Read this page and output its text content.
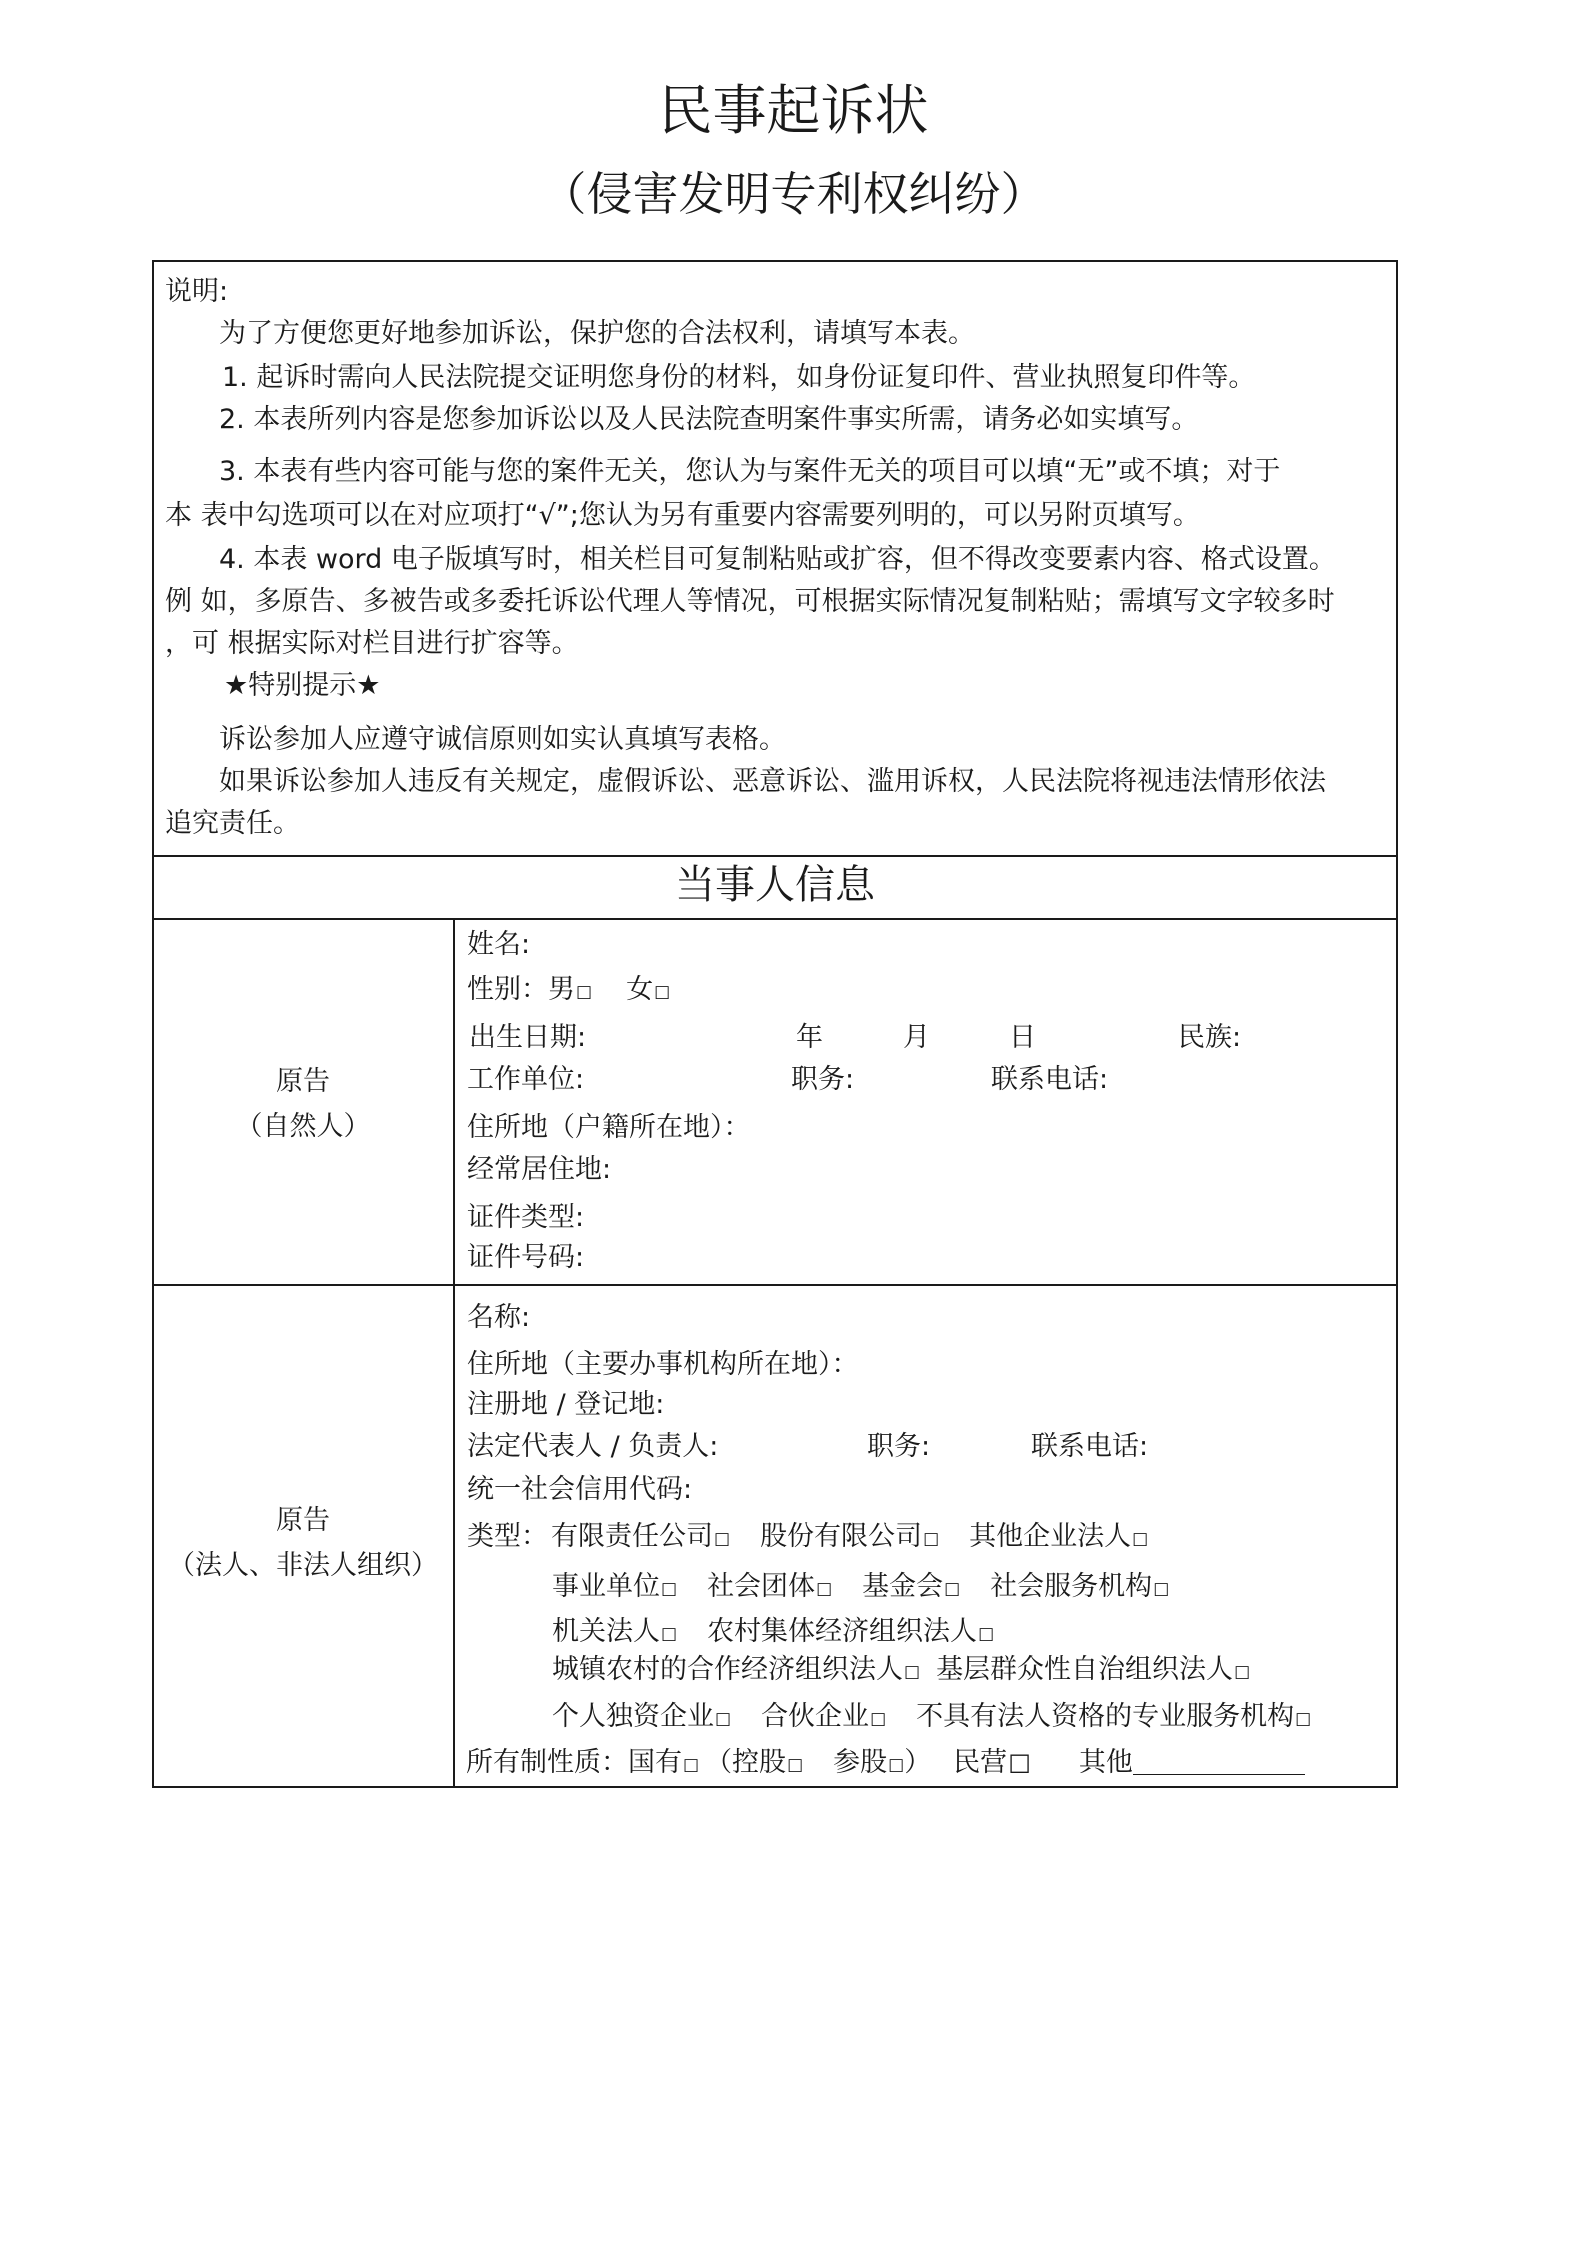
民事起诉状
（侵害发明专利权纠纷）
说明:
为了方便您更好地参加诉讼，保护您的合法权利，请填写本表。
1. 起诉时需向人民法院提交证明您身份的材料，如身份证复印件、营业执照复印件等。
2. 本表所列内容是您参加诉讼以及人民法院查明案件事实所需，请务必如实填写。
3. 本表有些内容可能与您的案件无关，您认为与案件无关的项目可以填“无”或不填；对于
本 表中勾选项可以在对应项打“√”;您认为另有重要内容需要列明的，可以另附页填写。
4. 本表 word 电子版填写时，相关栏目可复制粘贴或扩容，但不得改变要素内容、格式设置。
例 如，多原告、多被告或多委托诉讼代理人等情况，可根据实际情况复制粘贴；需填写文字较多时
，可 根据实际对栏目进行扩容等。
★特别提示★
诉讼参加人应遵守诚信原则如实认真填写表格。
如果诉讼参加人违反有关规定，虚假诉讼、恶意诉讼、滥用诉权，人民法院将视违法情形依法
追究责任。
当事人信息
原告
（自然人）
姓名:
性别：男□ 女□
出生日期:	年	月	日	民族:
工作单位:	职务:	联系电话:
住所地（户籍所在地）：
经常居住地:
证件类型:
证件号码:
原告
（法人、非法人组织）
名称:
住所地（主要办事机构所在地）：
注册地 / 登记地:
法定代表人 / 负责人:	职务:	联系电话:
统一社会信用代码:
类型： 有限责任公司□ 股份有限公司□ 其他企业法人□
事业单位□ 社会团体□ 基金会□ 社会服务机构□
机关法人□ 农村集体经济组织法人□
城镇农村的合作经济组织法人□ 基层群众性自治组织法人□
个人独资企业□ 合伙企业□ 不具有法人资格的专业服务机构□
所有制性质：国有□ （控股□ 参股□） 民营□ 其他
